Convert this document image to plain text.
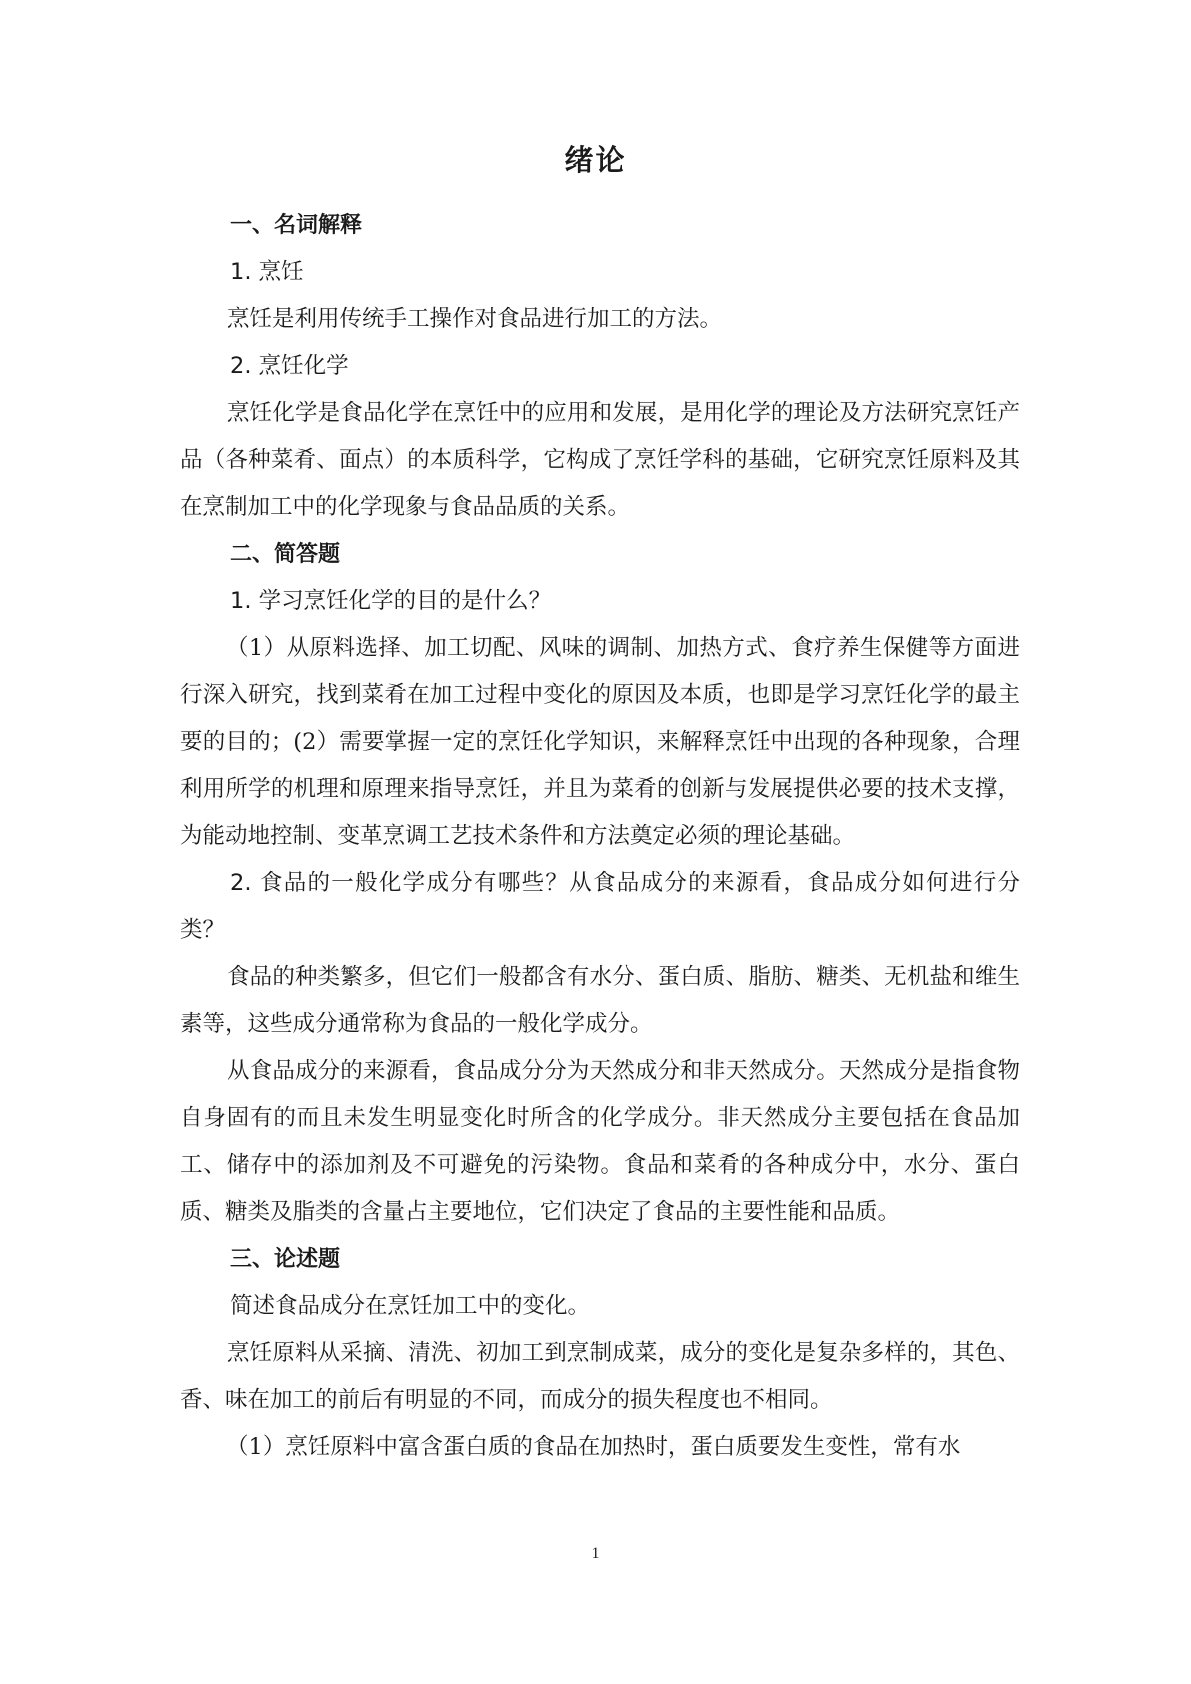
绪论

一、名词解释

1. 烹饪

烹饪是利用传统手工操作对食品进行加工的方法。

2. 烹饪化学

烹饪化学是食品化学在烹饪中的应用和发展，是用化学的理论及方法研究烹饪产品（各种菜肴、面点）的本质科学，它构成了烹饪学科的基础，它研究烹饪原料及其在烹制加工中的化学现象与食品品质的关系。

二、简答题

1. 学习烹饪化学的目的是什么？

（1）从原料选择、加工切配、风味的调制、加热方式、食疗养生保健等方面进行深入研究，找到菜肴在加工过程中变化的原因及本质，也即是学习烹饪化学的最主要的目的；(2）需要掌握一定的烹饪化学知识，来解释烹饪中出现的各种现象，合理利用所学的机理和原理来指导烹饪，并且为菜肴的创新与发展提供必要的技术支撑，为能动地控制、变革烹调工艺技术条件和方法奠定必须的理论基础。

2. 食品的一般化学成分有哪些？从食品成分的来源看，食品成分如何进行分类？

食品的种类繁多，但它们一般都含有水分、蛋白质、脂肪、糖类、无机盐和维生素等，这些成分通常称为食品的一般化学成分。

从食品成分的来源看，食品成分分为天然成分和非天然成分。天然成分是指食物自身固有的而且未发生明显变化时所含的化学成分。非天然成分主要包括在食品加工、储存中的添加剂及不可避免的污染物。食品和菜肴的各种成分中，水分、蛋白质、糖类及脂类的含量占主要地位，它们决定了食品的主要性能和品质。

三、论述题

简述食品成分在烹饪加工中的变化。

烹饪原料从采摘、清洗、初加工到烹制成菜，成分的变化是复杂多样的，其色、香、味在加工的前后有明显的不同，而成分的损失程度也不相同。

（1）烹饪原料中富含蛋白质的食品在加热时，蛋白质要发生变性，常有水

1
